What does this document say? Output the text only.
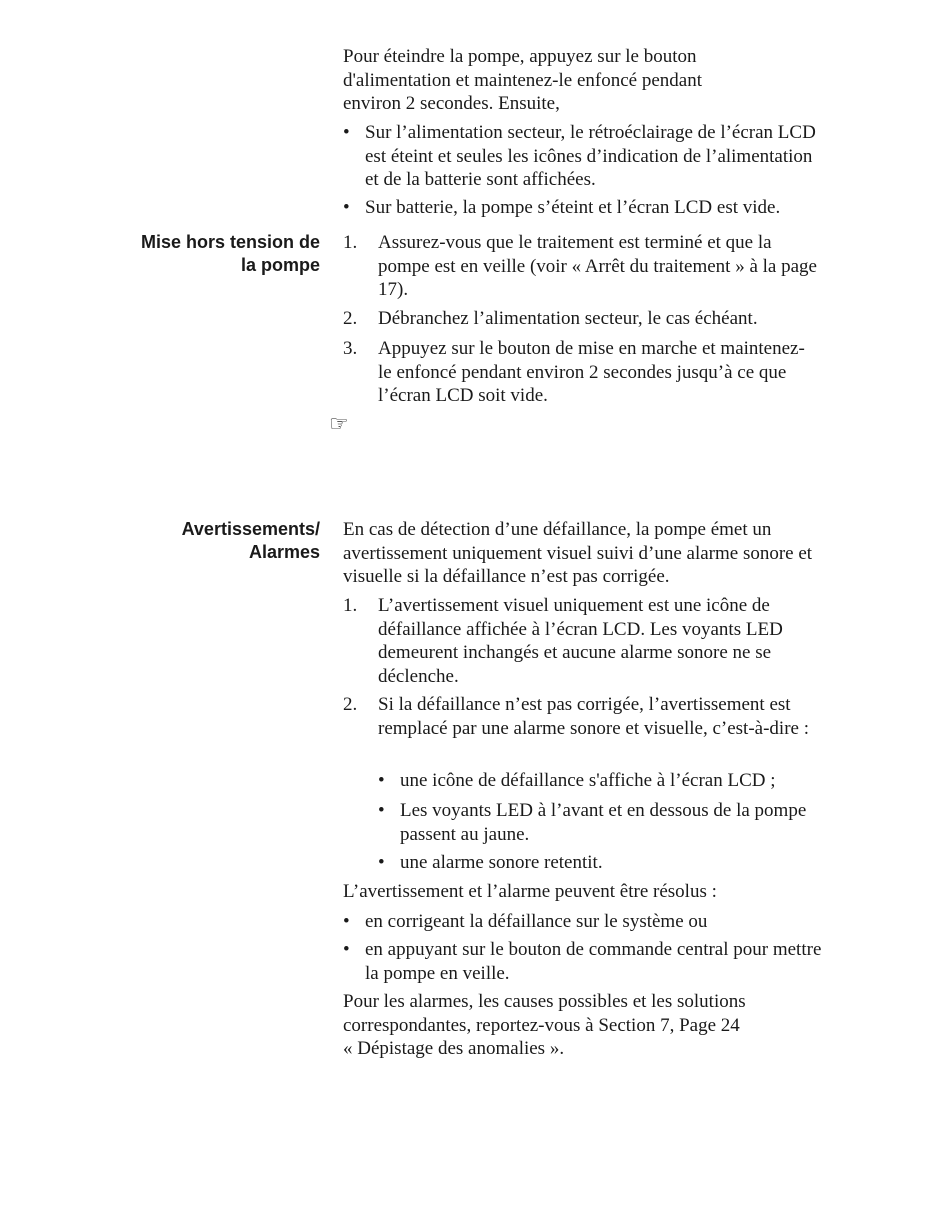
Pour éteindre la pompe, appuyez sur le bouton d'alimentation et maintenez-le enfoncé pendant environ 2 secondes. Ensuite,
• Sur l’alimentation secteur, le rétroéclairage de l’écran LCD est éteint et seules les icônes d’indication de l’alimentation et de la batterie sont affichées.
• Sur batterie, la pompe s’éteint et l’écran LCD est vide.
Mise hors tension de
la pompe
1. Assurez-vous que le traitement est terminé et que la pompe est en veille (voir « Arrêt du traitement » à la page 17).
2. Débranchez l’alimentation secteur, le cas échéant.
3. Appuyez sur le bouton de mise en marche et maintenez-le enfoncé pendant environ 2 secondes jusqu’à ce que l’écran LCD soit vide.
☞
Avertissements/
Alarmes
En cas de détection d’une défaillance, la pompe émet un avertissement uniquement visuel suivi d’une alarme sonore et visuelle si la défaillance n’est pas corrigée.
1. L’avertissement visuel uniquement est une icône de défaillance affichée à l’écran LCD. Les voyants LED demeurent inchangés et aucune alarme sonore ne se déclenche.
2. Si la défaillance n’est pas corrigée, l’avertissement est remplacé par une alarme sonore et visuelle, c’est-à-dire :
• une icône de défaillance s'affiche à l’écran LCD ;
• Les voyants LED à l’avant et en dessous de la pompe passent au jaune.
• une alarme sonore retentit.
L’avertissement et l’alarme peuvent être résolus :
• en corrigeant la défaillance sur le système ou
• en appuyant sur le bouton de commande central pour mettre la pompe en veille.
Pour les alarmes, les causes possibles et les solutions
correspondantes, reportez-vous à Section 7, Page 24
« Dépistage des anomalies ».
